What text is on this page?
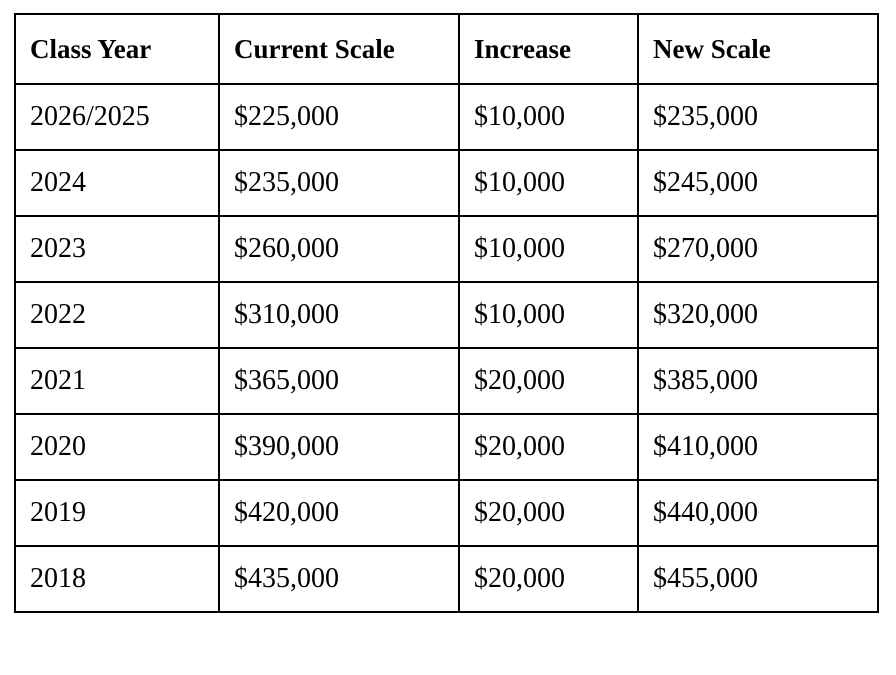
Class Year	Current Scale	Increase	New Scale
2026/2025	$225,000	$10,000	$235,000
2024	$235,000	$10,000	$245,000
2023	$260,000	$10,000	$270,000
2022	$310,000	$10,000	$320,000
2021	$365,000	$20,000	$385,000
2020	$390,000	$20,000	$410,000
2019	$420,000	$20,000	$440,000
2018	$435,000	$20,000	$455,000
